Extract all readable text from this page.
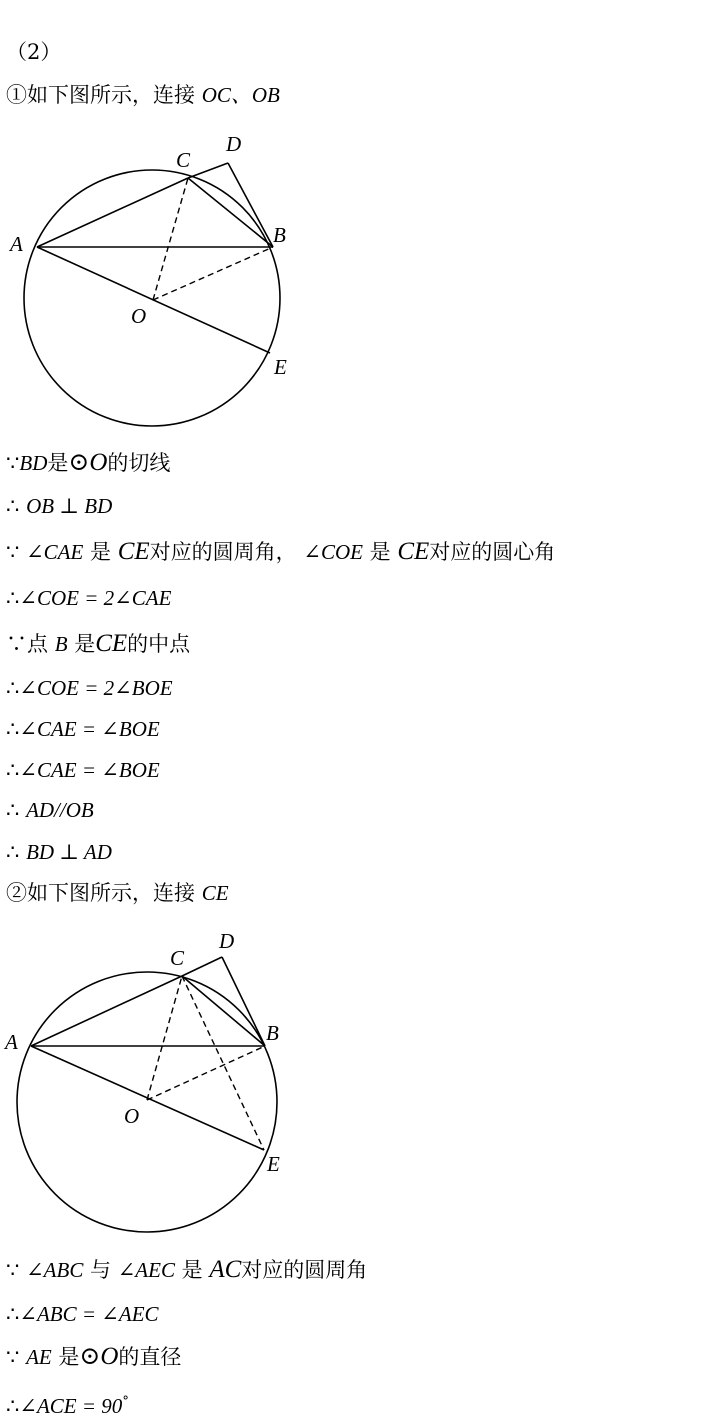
（2）
①如下图所示，连接 OC、OB
A
C
D
B
O
E
∵BD是⊙O的切线
∴ OB ⊥ BD
∵ ∠CAE 是 CE对应的圆周角， ∠COE 是 CE对应的圆心角
∴∠COE = 2∠CAE
∵点 B 是CE的中点
∴∠COE = 2∠BOE
∴∠CAE = ∠BOE
∴∠CAE = ∠BOE
∴ AD//OB
∴ BD ⊥ AD
②如下图所示，连接 CE
A
C
D
B
O
E
∵ ∠ABC 与 ∠AEC 是 AC对应的圆周角
∴∠ABC = ∠AEC
∵ AE 是⊙O的直径
∴∠ACE = 90°
